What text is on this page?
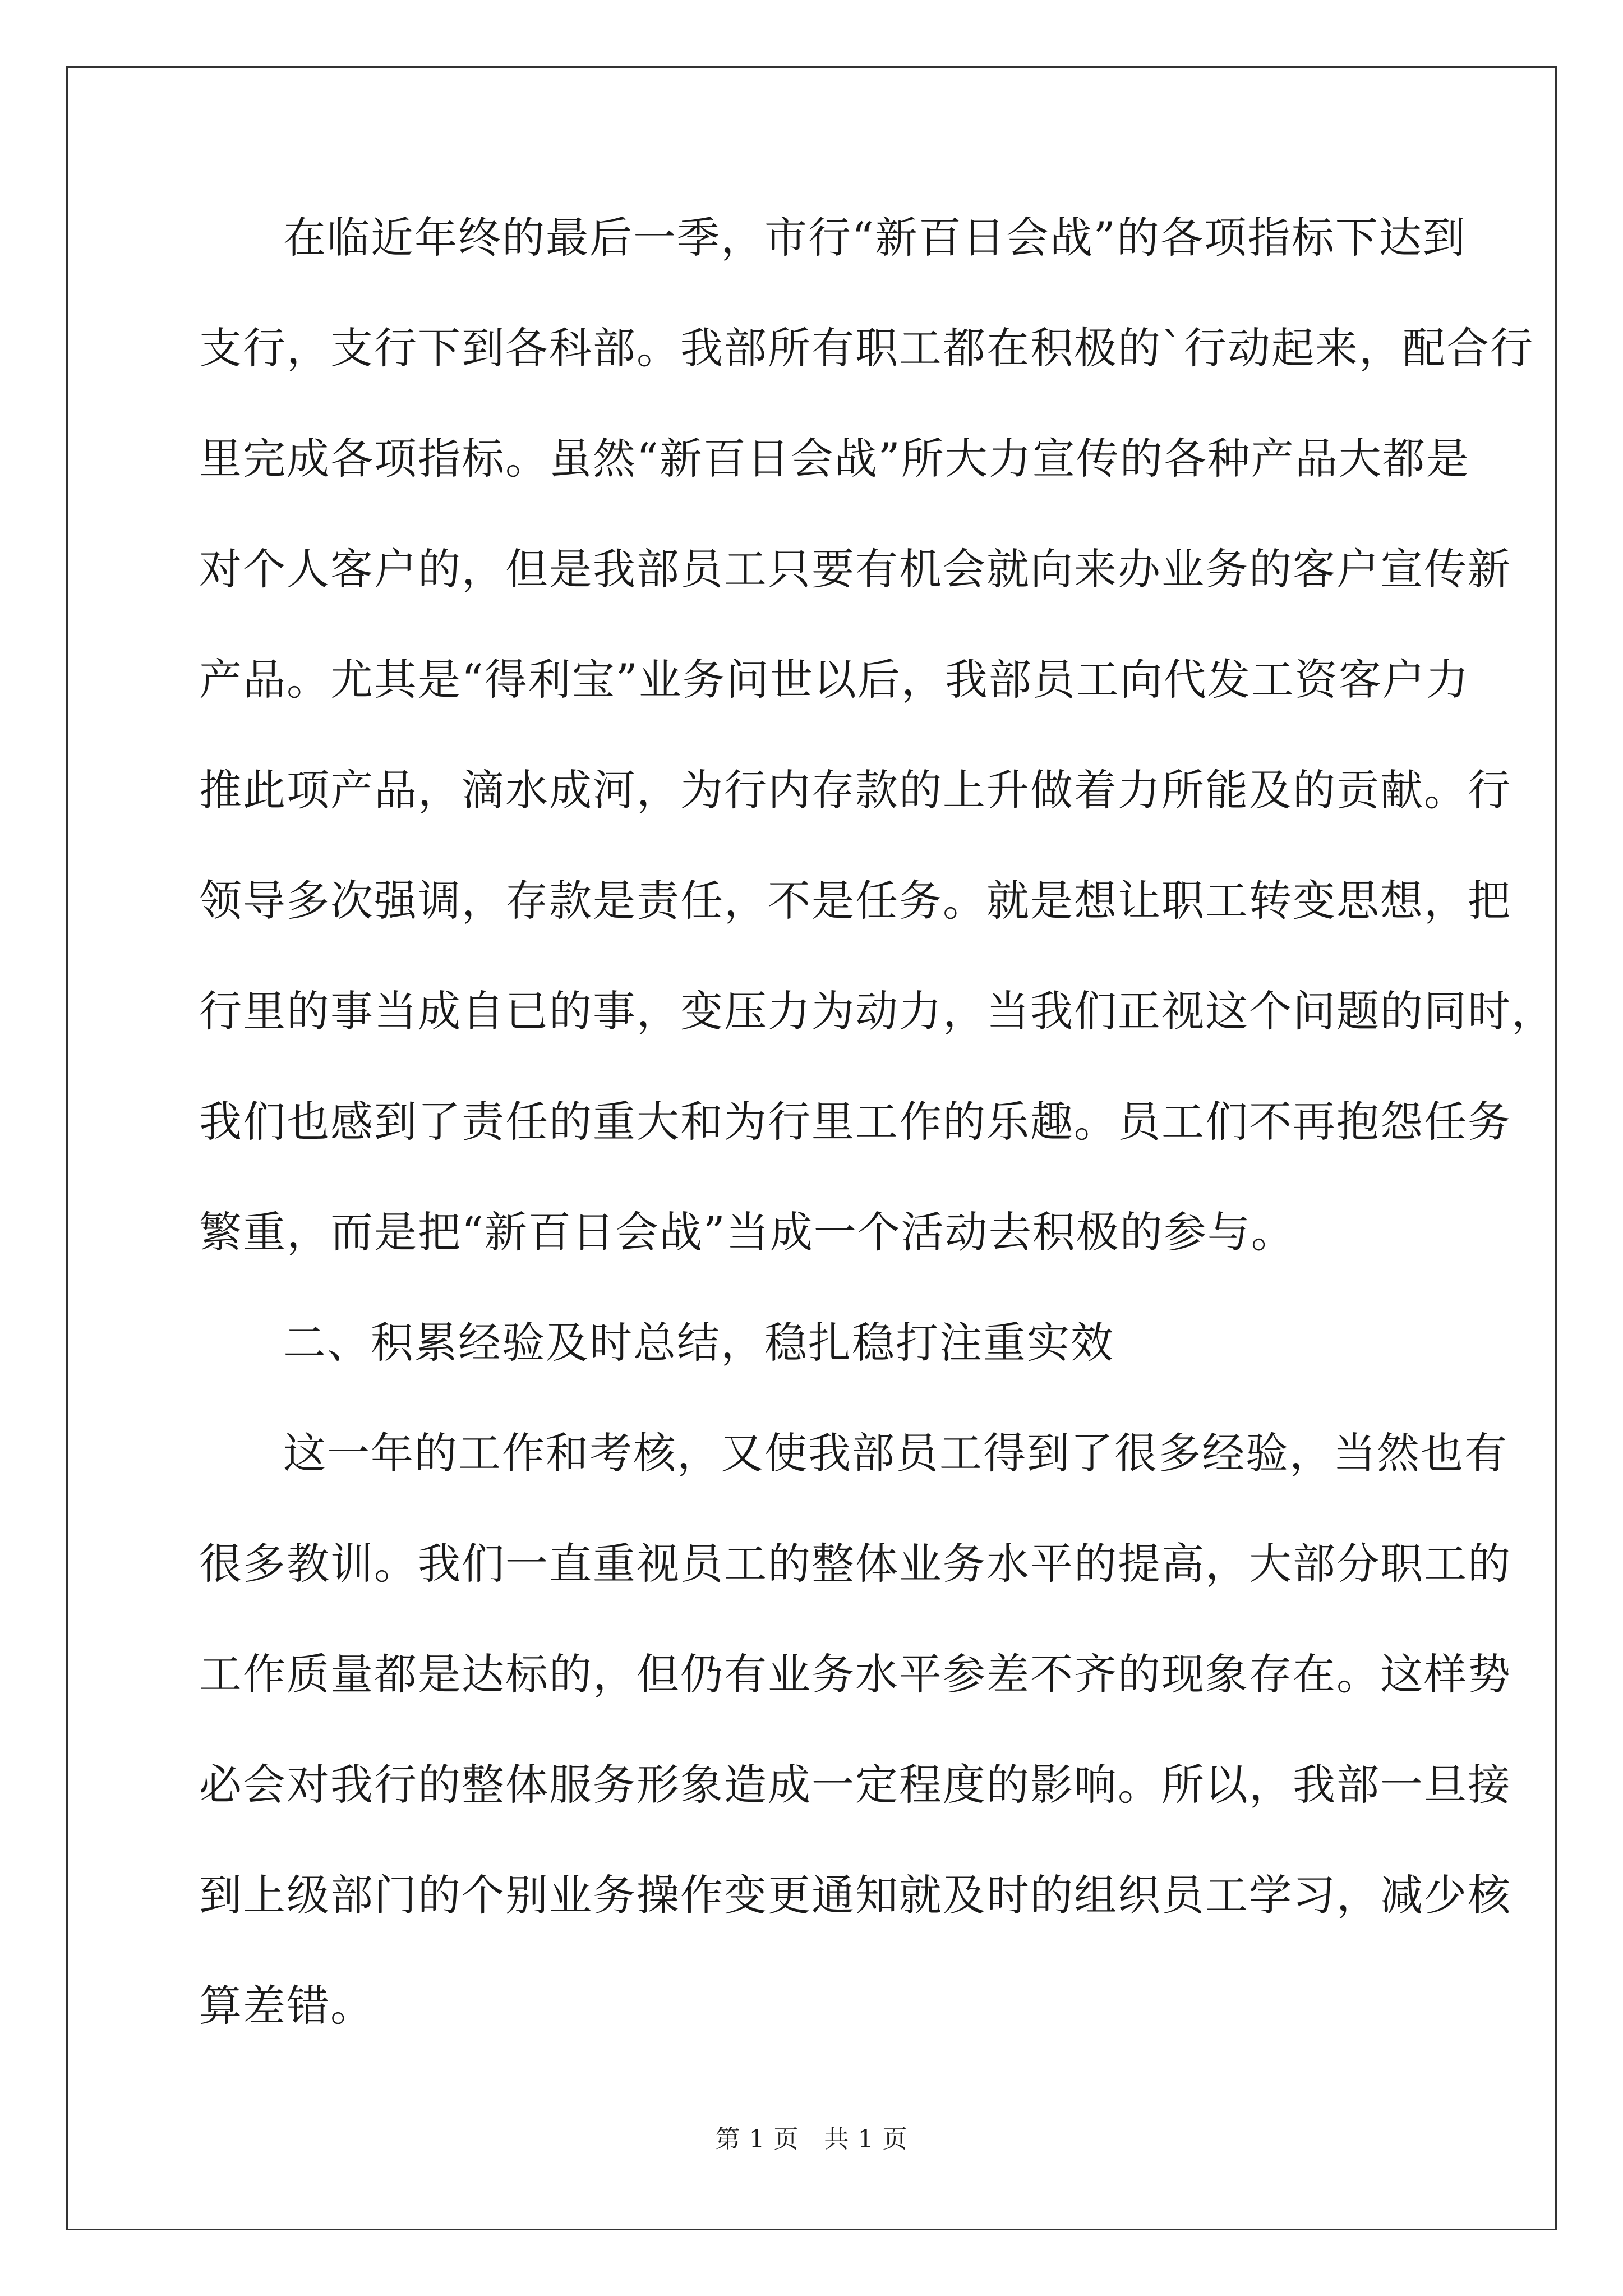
在临近年终的最后一季，市行“新百日会战”的各项指标下达到
支行，支行下到各科部。我部所有职工都在积极的`行动起来，配合行
里完成各项指标。虽然“新百日会战”所大力宣传的各种产品大都是
对个人客户的，但是我部员工只要有机会就向来办业务的客户宣传新
产品。尤其是“得利宝”业务问世以后，我部员工向代发工资客户力
推此项产品，滴水成河，为行内存款的上升做着力所能及的贡献。行
领导多次强调，存款是责任，不是任务。就是想让职工转变思想，把
行里的事当成自已的事，变压力为动力，当我们正视这个问题的同时，
我们也感到了责任的重大和为行里工作的乐趣。员工们不再抱怨任务
繁重，而是把“新百日会战”当成一个活动去积极的参与。
二、积累经验及时总结，稳扎稳打注重实效
这一年的工作和考核，又使我部员工得到了很多经验，当然也有
很多教训。我们一直重视员工的整体业务水平的提高，大部分职工的
工作质量都是达标的，但仍有业务水平参差不齐的现象存在。这样势
必会对我行的整体服务形象造成一定程度的影响。所以，我部一旦接
到上级部门的个别业务操作变更通知就及时的组织员工学习，减少核
算差错。
第 1 页　共 1 页
